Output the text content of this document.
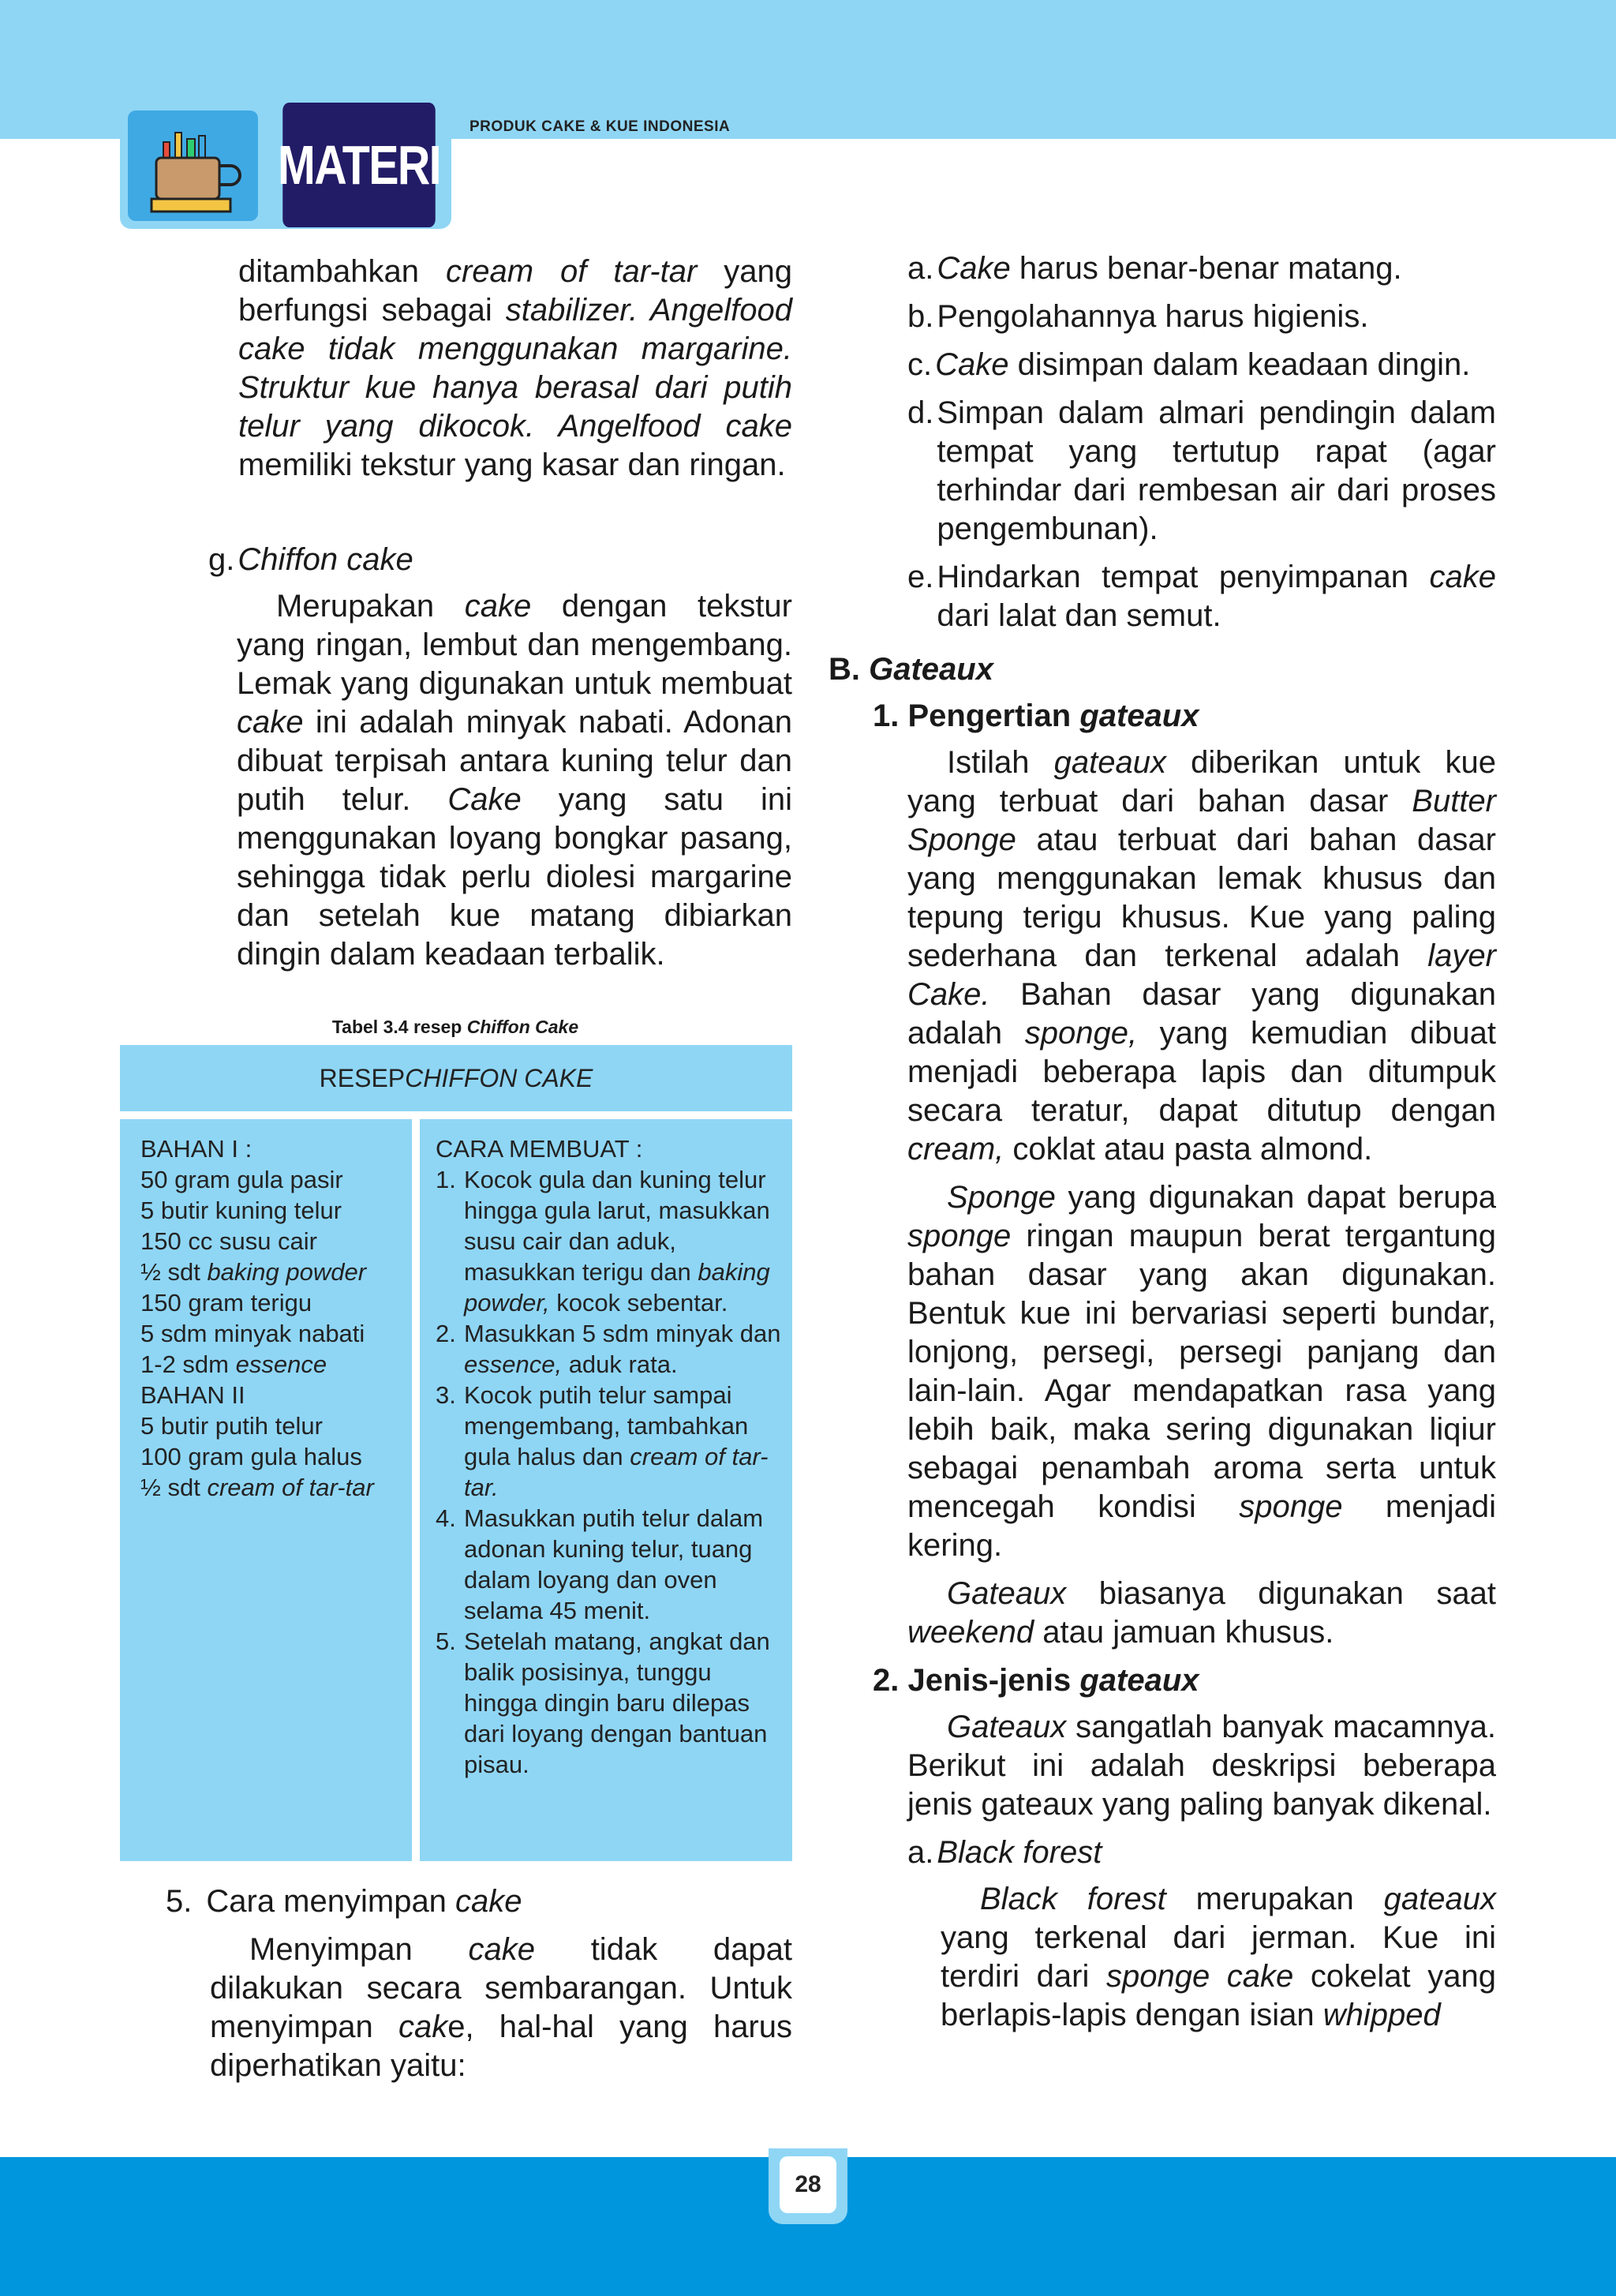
MATERI
PRODUK CAKE & KUE INDONESIA

ditambahkan cream of tar-tar yang berfungsi sebagai stabilizer. Angelfood cake tidak menggunakan margarine. Struktur kue hanya berasal dari putih telur yang dikocok. Angelfood cake memiliki tekstur yang kasar dan ringan.

g. Chiffon cake

Merupakan cake dengan tekstur yang ringan, lembut dan mengembang. Lemak yang digunakan untuk membuat cake ini adalah minyak nabati. Adonan dibuat terpisah antara kuning telur dan putih telur. Cake yang satu ini menggunakan loyang bongkar pasang, sehingga tidak perlu diolesi margarine dan setelah kue matang dibiarkan dingin dalam keadaan terbalik.

Tabel 3.4 resep Chiffon Cake
RESEP CHIFFON CAKE
BAHAN I :
50 gram gula pasir
5 butir kuning telur
150 cc susu cair
½ sdt baking powder
150 gram terigu
5 sdm minyak nabati
1-2 sdm essence
BAHAN II
5 butir putih telur
100 gram gula halus
½ sdt cream of tar-tar
CARA MEMBUAT :
1. Kocok gula dan kuning telur hingga gula larut, masukkan susu cair dan aduk, masukkan terigu dan baking powder, kocok sebentar.
2. Masukkan 5 sdm minyak dan essence, aduk rata.
3. Kocok putih telur sampai mengembang, tambahkan gula halus dan cream of tar-tar.
4. Masukkan putih telur dalam adonan kuning telur, tuang dalam loyang dan oven selama 45 menit.
5. Setelah matang, angkat dan balik posisinya, tunggu hingga dingin baru dilepas dari loyang dengan bantuan pisau.
5. Cara menyimpan cake

Menyimpan cake tidak dapat dilakukan secara sembarangan. Untuk menyimpan cake, hal-hal yang harus diperhatikan yaitu:

a. Cake harus benar-benar matang.
b. Pengolahannya harus higienis.
c. Cake disimpan dalam keadaan dingin.
d. Simpan dalam almari pendingin dalam tempat yang tertutup rapat (agar terhindar dari rembesan air dari proses pengembunan).
e. Hindarkan tempat penyimpanan cake dari lalat dan semut.
B. Gateaux
1. Pengertian gateaux

Istilah gateaux diberikan untuk kue yang terbuat dari bahan dasar Butter Sponge atau terbuat dari bahan dasar yang menggunakan lemak khusus dan tepung terigu khusus. Kue yang paling sederhana dan terkenal adalah layer Cake. Bahan dasar yang digunakan adalah sponge, yang kemudian dibuat menjadi beberapa lapis dan ditumpuk secara teratur, dapat ditutup dengan cream, coklat atau pasta almond.

Sponge yang digunakan dapat berupa sponge ringan maupun berat tergantung bahan dasar yang akan digunakan. Bentuk kue ini bervariasi seperti bundar, lonjong, persegi, persegi panjang dan lain-lain. Agar mendapatkan rasa yang lebih baik, maka sering digunakan liqiur sebagai penambah aroma serta untuk mencegah kondisi sponge menjadi kering.

Gateaux biasanya digunakan saat weekend atau jamuan khusus.

2. Jenis-jenis gateaux

Gateaux sangatlah banyak macamnya. Berikut ini adalah deskripsi beberapa jenis gateaux yang paling banyak dikenal.

a. Black forest

Black forest merupakan gateaux yang terkenal dari jerman. Kue ini terdiri dari sponge cake cokelat yang berlapis-lapis dengan isian whipped

28
